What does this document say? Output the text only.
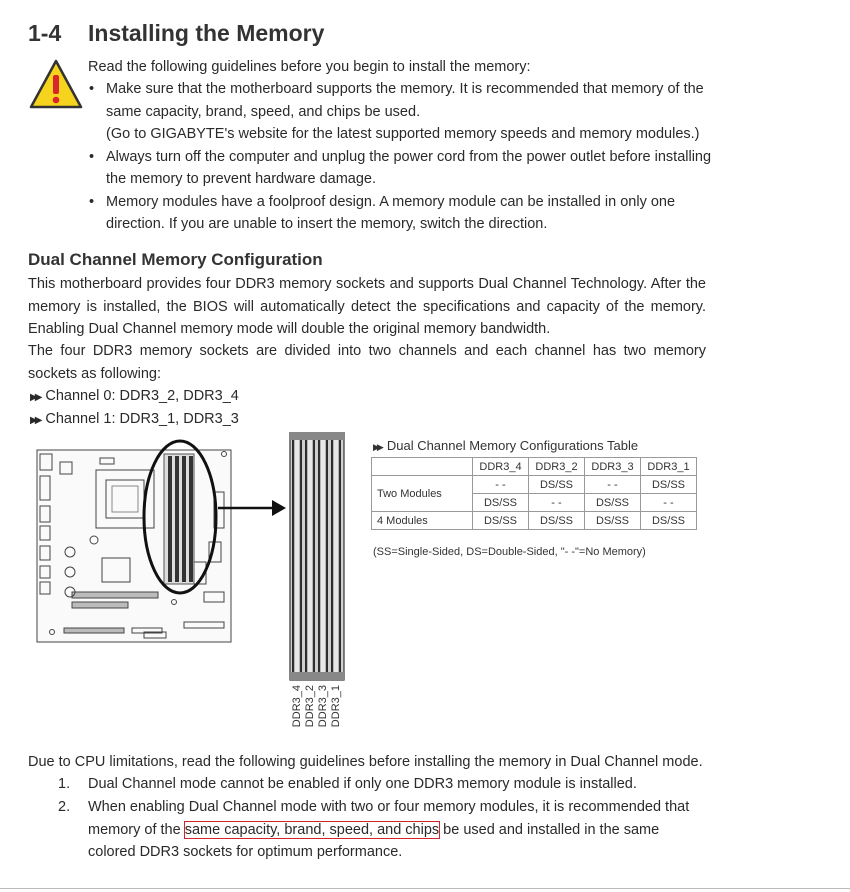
1-4 Installing the Memory
Read the following guidelines before you begin to install the memory:
• Make sure that the motherboard supports the memory. It is recommended that memory of the same capacity, brand, speed, and chips be used.
(Go to GIGABYTE's website for the latest supported memory speeds and memory modules.)
• Always turn off the computer and unplug the power cord from the power outlet before installing the memory to prevent hardware damage.
• Memory modules have a foolproof design. A memory module can be installed in only one direction. If you are unable to insert the memory, switch the direction.
Dual Channel Memory Configuration
This motherboard provides four DDR3 memory sockets and supports Dual Channel Technology. After the memory is installed, the BIOS will automatically detect the specifications and capacity of the memory. Enabling Dual Channel memory mode will double the original memory bandwidth.
The four DDR3 memory sockets are divided into two channels and each channel has two memory sockets as following:
▶▶ Channel 0: DDR3_2, DDR3_4
▶▶ Channel 1: DDR3_1, DDR3_3
DDR3_4 DDR3_2 DDR3_3 DDR3_1
▶▶ Dual Channel Memory Configurations Table
	DDR3_4	DDR3_2	DDR3_3	DDR3_1
Two Modules	- -	DS/SS	- -	DS/SS
	DS/SS	- -	DS/SS	- -
4 Modules	DS/SS	DS/SS	DS/SS	DS/SS
(SS=Single-Sided, DS=Double-Sided, "- -"=No Memory)
Due to CPU limitations, read the following guidelines before installing the memory in Dual Channel mode.
1. Dual Channel mode cannot be enabled if only one DDR3 memory module is installed.
2. When enabling Dual Channel mode with two or four memory modules, it is recommended that memory of the same capacity, brand, speed, and chips be used and installed in the same colored DDR3 sockets for optimum performance.
